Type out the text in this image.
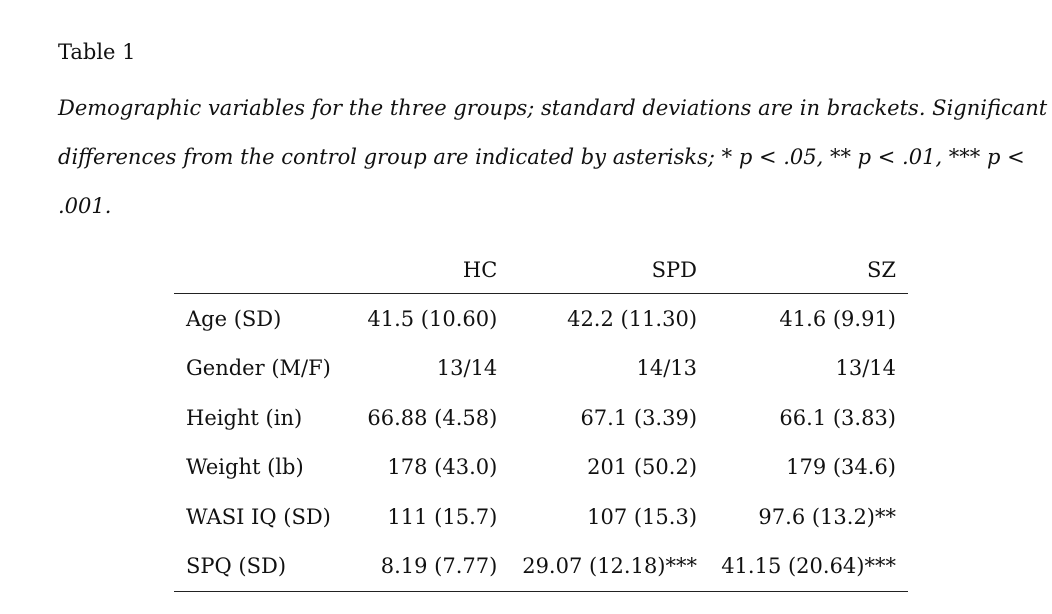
Table 1
Demographic variables for the three groups; standard deviations are in brackets. Significant
differences from the control group are indicated by asterisks; * p < .05, ** p < .01, *** p <
.001.
	HC	SPD	SZ
Age (SD)	41.5 (10.60)	42.2 (11.30)	41.6 (9.91)
Gender (M/F)	13/14	14/13	13/14
Height (in)	66.88 (4.58)	67.1 (3.39)	66.1 (3.83)
Weight (lb)	178 (43.0)	201 (50.2)	179 (34.6)
WASI IQ (SD)	111 (15.7)	107 (15.3)	97.6 (13.2)**
SPQ (SD)	8.19 (7.77)	29.07 (12.18)***	41.15 (20.64)***
